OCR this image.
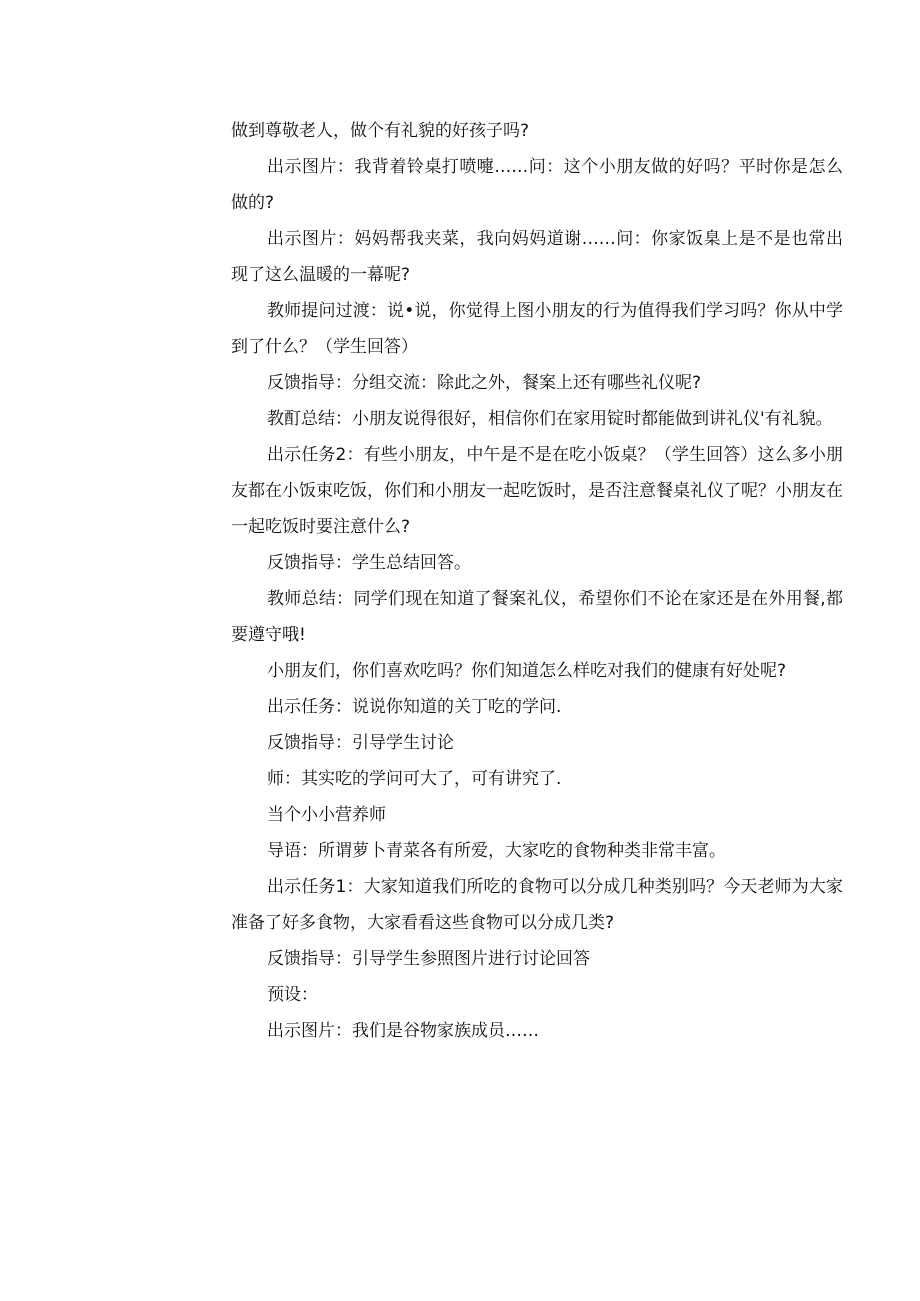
做到尊敬老人，做个有礼貌的好孩子吗?

出示图片：我背着铃桌打喷嚏……问：这个小朋友做的好吗？平时你是怎么做的?

出示图片：妈妈帮我夹菜，我向妈妈道谢……问：你家饭臬上是不是也常出现了这么温暖的一幕呢?

教师提问过渡：说•说，你觉得上图小朋友的行为值得我们学习吗？你从中学到了什么？（学生回答）

反馈指导：分组交流：除此之外，餐案上还有哪些礼仪呢?

教酊总结：小朋友说得很好，相信你们在家用锭时都能做到讲礼仪'有礼貌。

出示任务2：有些小朋友，中午是不是在吃小饭桌？（学生回答）这么多小朋友都在小饭束吃饭，你们和小朋友一起吃饭时，是否注意餐桌礼仪了呢？小朋友在一起吃饭时要注意什么?

反馈指导：学生总结回答。

教师总结：同学们现在知道了餐案礼仪，希望你们不论在家还是在外用餐,都要遵守哦!

小朋友们，你们喜欢吃吗？你们知道怎么样吃对我们的健康有好处呢?

出示任务：说说你知道的关丁吃的学问.

反馈指导：引导学生讨论

师：其实吃的学问可大了，可有讲究了.

当个小小营养师

导语：所谓萝卜青菜各有所爱，大家吃的食物种类非常丰富。

出示任务1：大家知道我们所吃的食物可以分成几种类别吗？今天老师为大家准备了好多食物，大家看看这些食物可以分成几类?

反馈指导：引导学生参照图片进行讨论回答

预设：

出示图片：我们是谷物家族成员……
